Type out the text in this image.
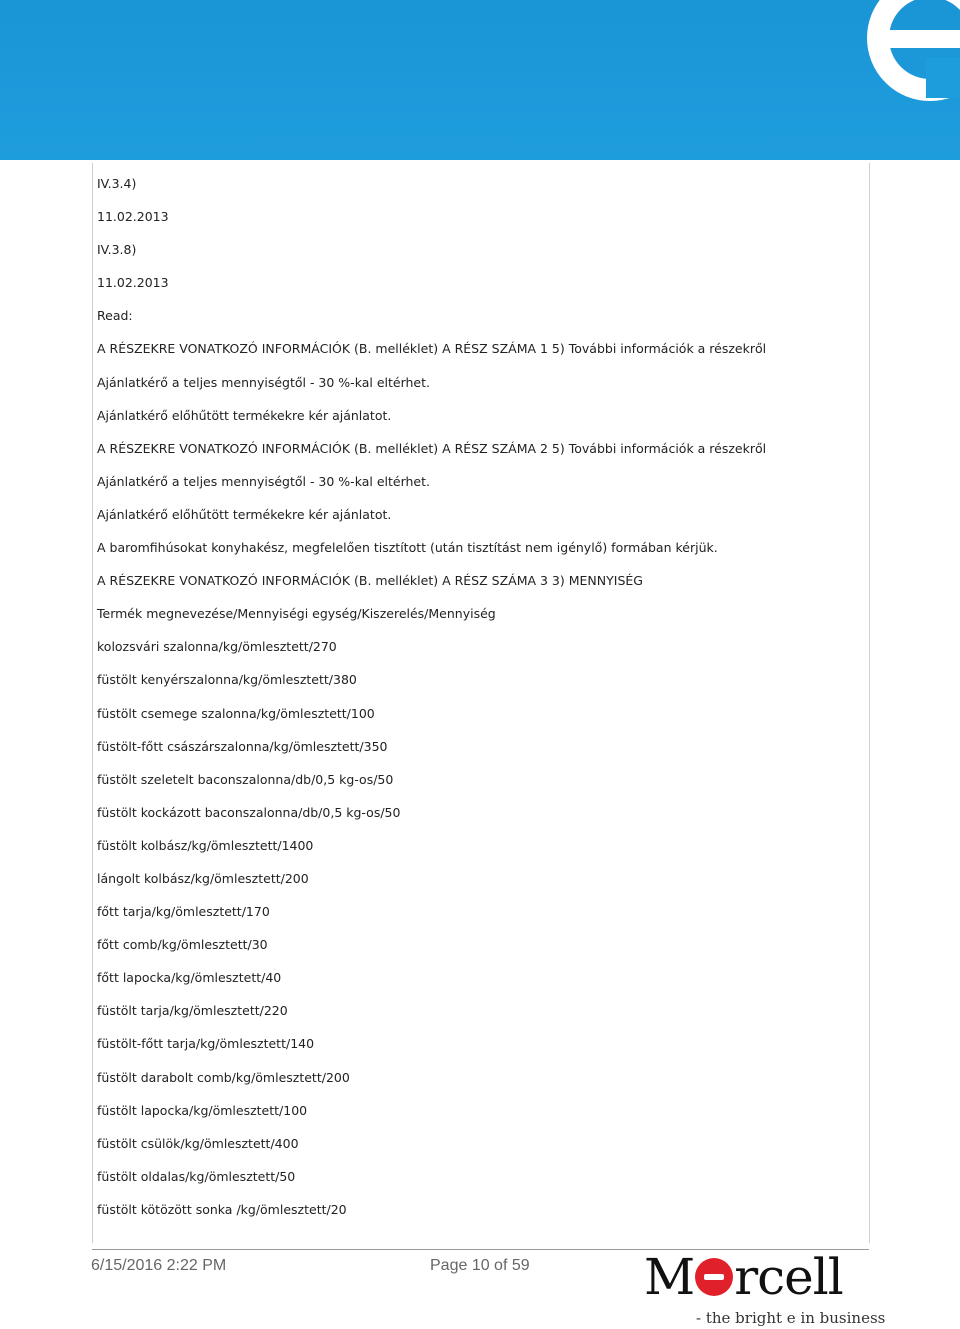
IV.3.4)
11.02.2013
IV.3.8)
11.02.2013
Read:
A RÉSZEKRE VONATKOZÓ INFORMÁCIÓK (B. melléklet) A RÉSZ SZÁMA 1 5) További információk a részekről
Ajánlatkérő a teljes mennyiségtől - 30 %-kal eltérhet.
Ajánlatkérő előhűtött termékekre kér ajánlatot.
A RÉSZEKRE VONATKOZÓ INFORMÁCIÓK (B. melléklet) A RÉSZ SZÁMA 2 5) További információk a részekről
Ajánlatkérő a teljes mennyiségtől - 30 %-kal eltérhet.
Ajánlatkérő előhűtött termékekre kér ajánlatot.
A baromfihúsokat konyhakész, megfelelően tisztított (után tisztítást nem igénylő) formában kérjük.
A RÉSZEKRE VONATKOZÓ INFORMÁCIÓK (B. melléklet) A RÉSZ SZÁMA 3 3) MENNYISÉG
Termék megnevezése/Mennyiségi egység/Kiszerelés/Mennyiség
kolozsvári szalonna/kg/ömlesztett/270
füstölt kenyérszalonna/kg/ömlesztett/380
füstölt csemege szalonna/kg/ömlesztett/100
füstölt-főtt császárszalonna/kg/ömlesztett/350
füstölt szeletelt baconszalonna/db/0,5 kg-os/50
füstölt kockázott baconszalonna/db/0,5 kg-os/50
füstölt kolbász/kg/ömlesztett/1400
lángolt kolbász/kg/ömlesztett/200
főtt tarja/kg/ömlesztett/170
főtt comb/kg/ömlesztett/30
főtt lapocka/kg/ömlesztett/40
füstölt tarja/kg/ömlesztett/220
füstölt-főtt tarja/kg/ömlesztett/140
füstölt darabolt comb/kg/ömlesztett/200
füstölt lapocka/kg/ömlesztett/100
füstölt csülök/kg/ömlesztett/400
füstölt oldalas/kg/ömlesztett/50
füstölt kötözött sonka /kg/ömlesztett/20
6/15/2016 2:22 PM	Page 10 of 59 M rcell
- the bright e in business
